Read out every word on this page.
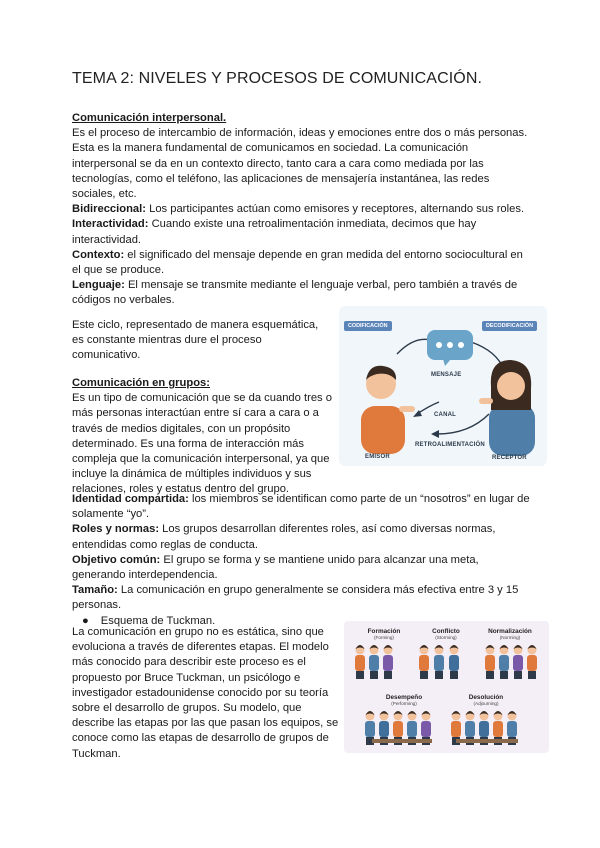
TEMA 2: NIVELES Y PROCESOS DE COMUNICACIÓN.

Comunicación interpersonal.

Es el proceso de intercambio de información, ideas y emociones entre dos o más personas. Esta es la manera fundamental de comunicamos en sociedad. La comunicación interpersonal se da en un contexto directo, tanto cara a cara como mediada por las tecnologías, como el teléfono, las aplicaciones de mensajería instantánea, las redes sociales, etc.

Bidireccional: Los participantes actúan como emisores y receptores, alternando sus roles.

Interactividad: Cuando existe una retroalimentación inmediata, decimos que hay interactividad.

Contexto: el significado del mensaje depende en gran medida del entorno sociocultural en el que se produce.

Lenguaje: El mensaje se transmite mediante el lenguaje verbal, pero también a través de códigos no verbales.

Este ciclo, representado de manera esquemática, es constante mientras dure el proceso comunicativo.

CODIFICACIÓN	DECODIFICACIÓN
MENSAJE
CANAL
RETROALIMENTACIÓN
EMISOR	RECEPTOR

Comunicación en grupos:

Es un tipo de comunicación que se da cuando tres o más personas interactúan entre sí cara a cara o a través de medios digitales, con un propósito determinado. Es una forma de interacción más compleja que la comunicación interpersonal, ya que incluye la dinámica de múltiples individuos y sus relaciones, roles y estatus dentro del grupo.

Identidad compartida: los miembros se identifican como parte de un “nosotros” en lugar de solamente “yo”.

Roles y normas: Los grupos desarrollan diferentes roles, así como diversas normas, entendidas como reglas de conducta.

Objetivo común: El grupo se forma y se mantiene unido para alcanzar una meta, generando interdependencia.

Tamaño: La comunicación en grupo generalmente se considera más efectiva entre 3 y 15 personas.

● Esquema de Tuckman.

La comunicación en grupo no es estática, sino que evoluciona a través de diferentes etapas. El modelo más conocido para describir este proceso es el propuesto por Bruce Tuckman, un psicólogo e investigador estadounidense conocido por su teoría sobre el desarrollo de grupos. Su modelo, que describe las etapas por las que pasan los equipos, se conoce como las etapas de desarrollo de grupos de Tuckman.

Formación
(Forming)
Conflicto
(Storming)
Normalización
(Norming)
Desempeño
(Performing)
Desolución
(Adjourning)
